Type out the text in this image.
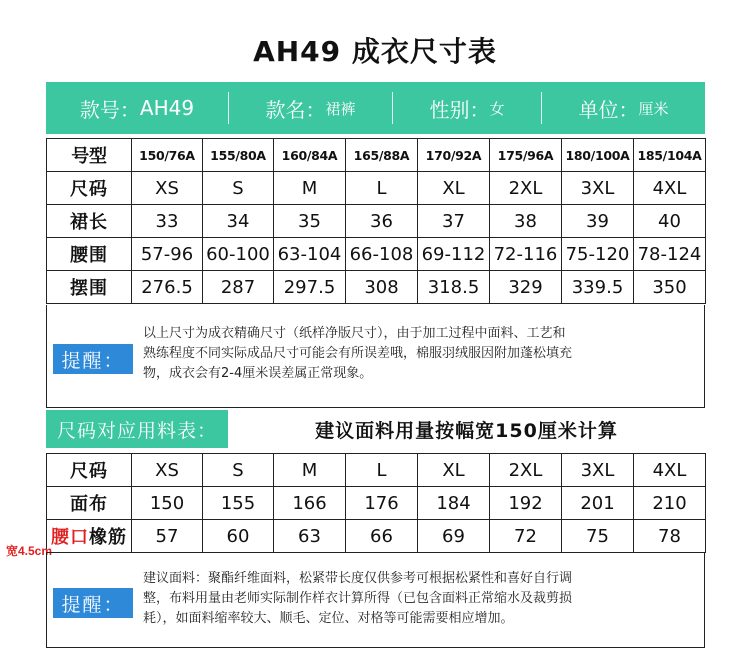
AH49 成衣尺寸表
款号： AH49	款名： 裙裤	性别： 女	单位： 厘米
号型	150/76A	155/80A	160/84A	165/88A	170/92A	175/96A	180/100A	185/104A
尺码	XS	S	M	L	XL	2XL	3XL	4XL
裙长	33	34	35	36	37	38	39	40
腰围	57-96	60-100	63-104	66-108	69-112	72-116	75-120	78-124
摆围	276.5	287	297.5	308	318.5	329	339.5	350
提醒：
以上尺寸为成衣精确尺寸（纸样净版尺寸），由于加工过程中面料、工艺和
熟练程度不同实际成品尺寸可能会有所误差哦，棉服羽绒服因附加蓬松填充
物，成衣会有2-4厘米误差属正常现象。
尺码对应用料表：	建议面料用量按幅宽150厘米计算
尺码	XS	S	M	L	XL	2XL	3XL	4XL
面布	150	155	166	176	184	192	201	210
腰口橡筋	57	60	63	66	69	72	75	78
宽4.5cm
提醒：
建议面料：聚酯纤维面料，松紧带长度仅供参考可根据松紧性和喜好自行调
整，布料用量由老师实际制作样衣计算所得（已包含面料正常缩水及裁剪损
耗），如面料缩率较大、顺毛、定位、对格等可能需要相应增加。
